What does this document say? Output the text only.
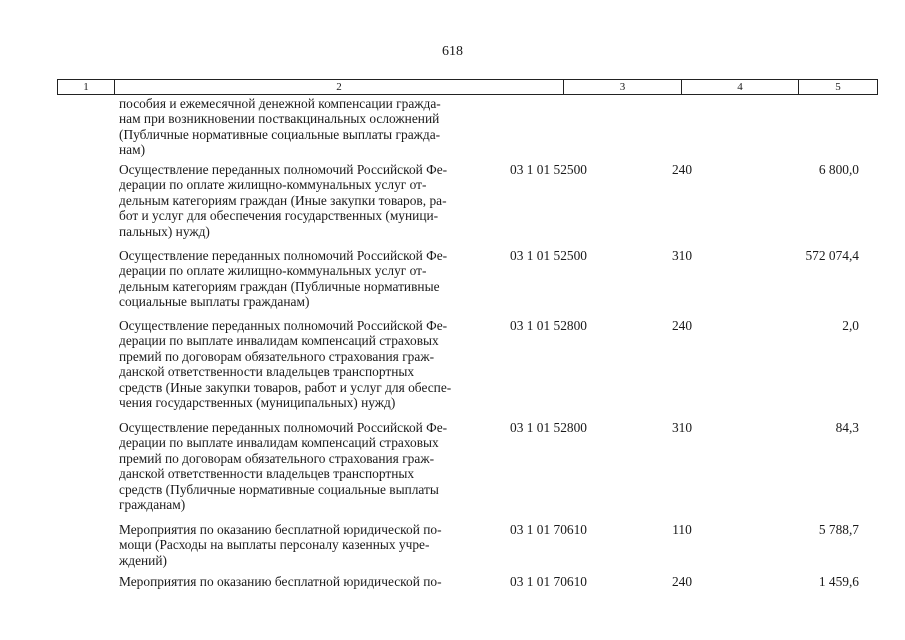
618
1	2	3	4	5
пособия и ежемесячной денежной компенсации гражда-
нам при возникновении поствакцинальных осложнений
(Публичные нормативные социальные выплаты гражда-
нам)
Осуществление переданных полномочий Российской Фе-
дерации по оплате жилищно-коммунальных услуг от-
дельным категориям граждан (Иные закупки товаров, ра-
бот и услуг для обеспечения государственных (муници-
пальных) нужд)
03 1 01 52500	240	6 800,0
Осуществление переданных полномочий Российской Фе-
дерации по оплате жилищно-коммунальных услуг от-
дельным категориям граждан (Публичные нормативные
социальные выплаты гражданам)
03 1 01 52500	310	572 074,4
Осуществление переданных полномочий Российской Фе-
дерации по выплате инвалидам компенсаций страховых
премий по договорам обязательного страхования граж-
данской ответственности владельцев транспортных
средств (Иные закупки товаров, работ и услуг для обеспе-
чения государственных (муниципальных) нужд)
03 1 01 52800	240	2,0
Осуществление переданных полномочий Российской Фе-
дерации по выплате инвалидам компенсаций страховых
премий по договорам обязательного страхования граж-
данской ответственности владельцев транспортных
средств (Публичные нормативные социальные выплаты
гражданам)
03 1 01 52800	310	84,3
Мероприятия по оказанию бесплатной юридической по-
мощи (Расходы на выплаты персоналу казенных учре-
ждений)
03 1 01 70610	110	5 788,7
Мероприятия по оказанию бесплатной юридической по-	03 1 01 70610	240	1 459,6
